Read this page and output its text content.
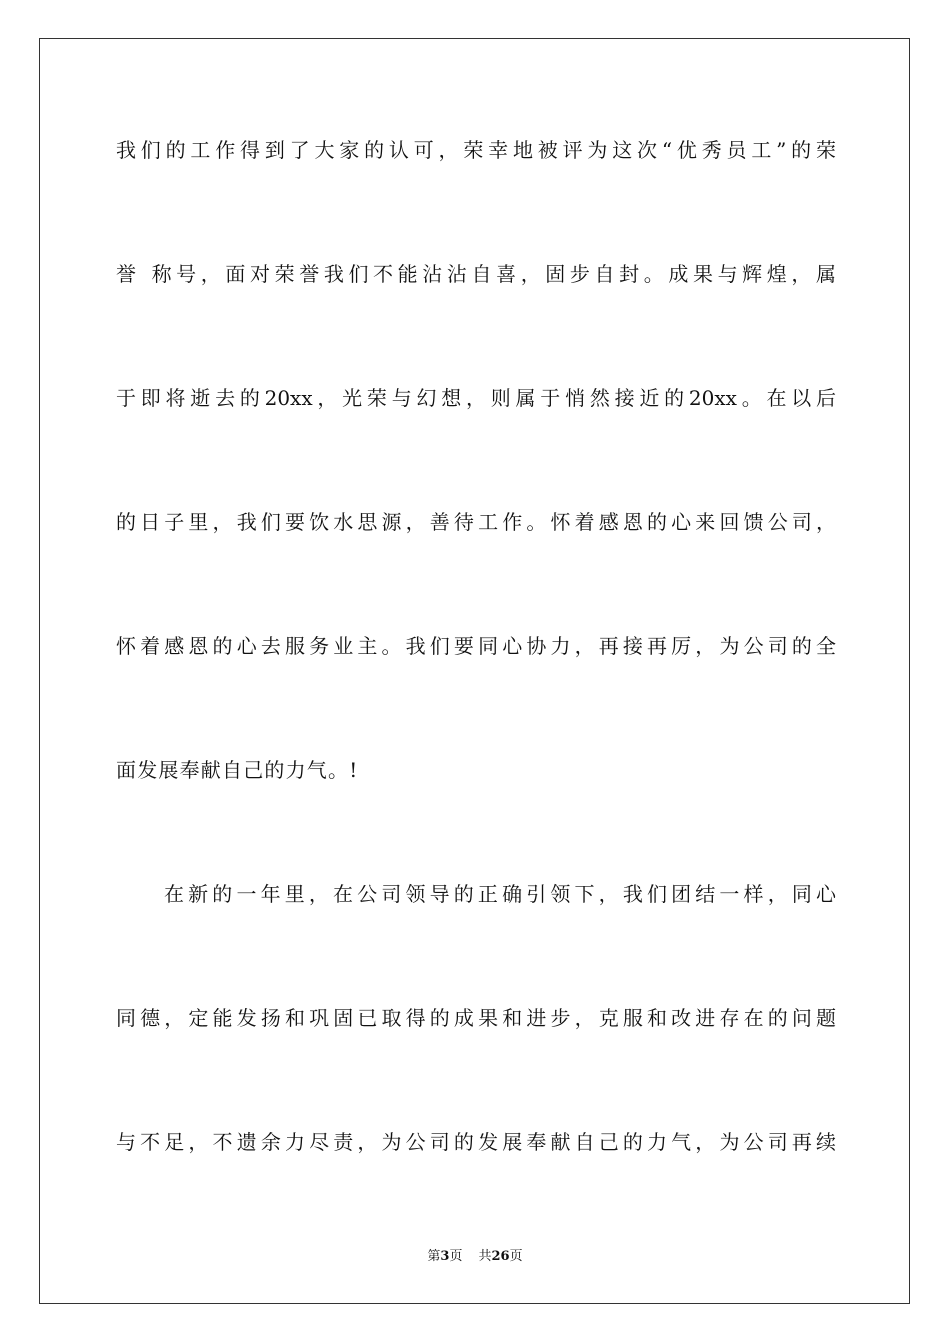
我们的工作得到了大家的认可，荣幸地被评为这次“优秀员工”的荣
誉 称号，面对荣誉我们不能沾沾自喜，固步自封。成果与辉煌，属
于即将逝去的20xx，光荣与幻想，则属于悄然接近的20xx。在以后
的日子里，我们要饮水思源，善待工作。怀着感恩的心来回馈公司，
怀着感恩的心去服务业主。我们要同心协力，再接再厉，为公司的全
面发展奉献自己的力气。!
在新的一年里，在公司领导的正确引领下，我们团结一样，同心
同德，定能发扬和巩固已取得的成果和进步，克服和改进存在的问题
与不足，不遗余力尽责，为公司的发展奉献自己的力气，为公司再续
第3页 共26页
